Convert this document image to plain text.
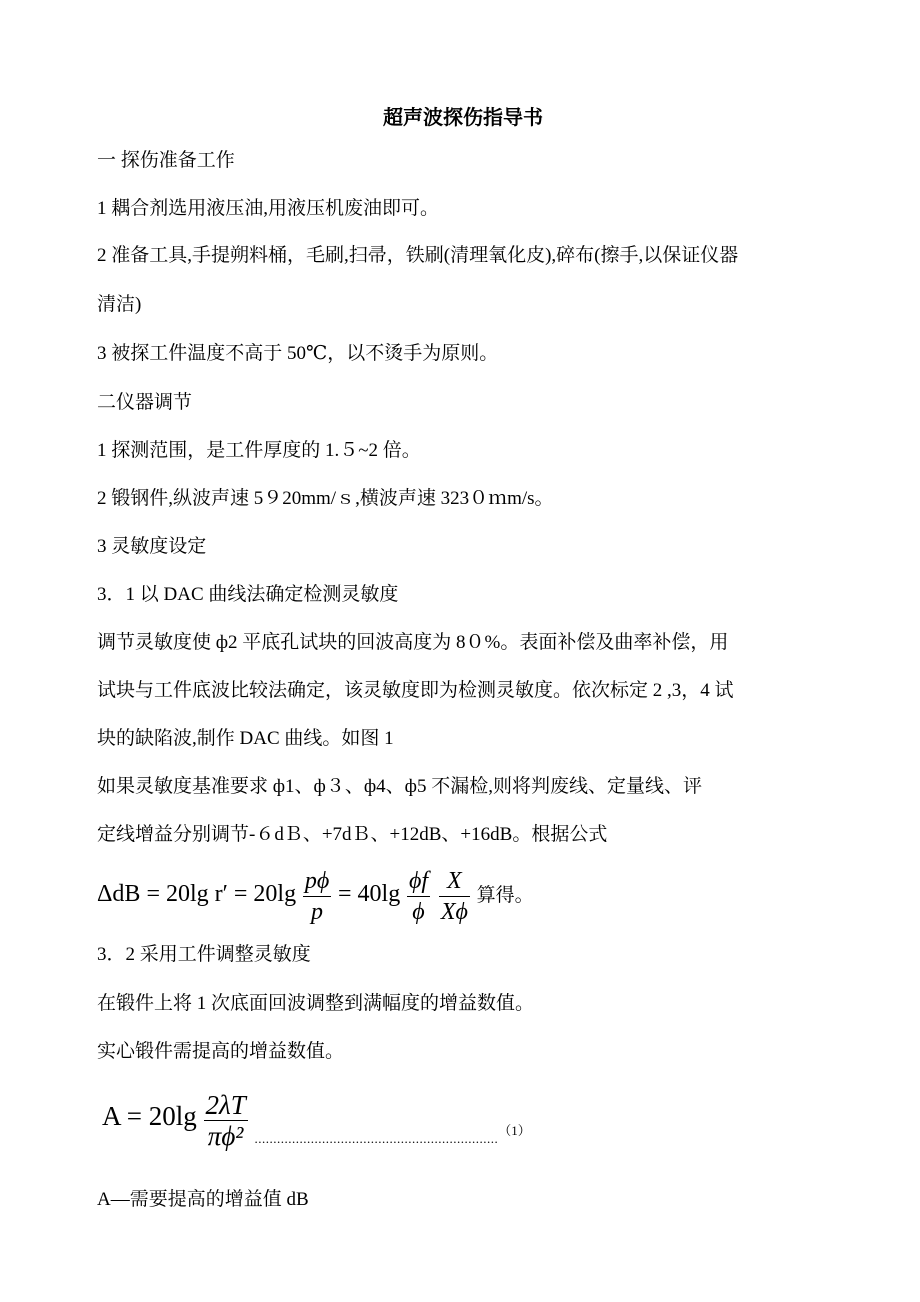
超声波探伤指导书
一 探伤准备工作
1 耦合剂选用液压油,用液压机废油即可。
2 准备工具,手提朔料桶，毛刷,扫帚，铁刷(清理氧化皮),碎布(擦手,以保证仪器
清洁)
3 被探工件温度不高于 50℃，以不烫手为原则。
二仪器调节
1 探测范围，是工件厚度的 1.５~2 倍。
2 锻钢件,纵波声速 5９20mm/ｓ,横波声速 323０ｍm/s。
3 灵敏度设定
3．1 以 DAC 曲线法确定检测灵敏度
调节灵敏度使 ф2 平底孔试块的回波高度为 8０%。表面补偿及曲率补偿，用
试块与工件底波比较法确定，该灵敏度即为检测灵敏度。依次标定 2 ,3，4 试
块的缺陷波,制作 DAC 曲线。如图 1
如果灵敏度基准要求 ф1、ф３、ф4、ф5 不漏检,则将判废线、定量线、评
定线增益分别调节-６dＢ、+7dＢ、+12dB、+16dB。根据公式
ΔdB = 20lg $r' = 20\lg \frac{p\phi}{p} = 40\lg \frac{\phi f}{\phi}$
$\frac{X}{X\phi}$ 算得。
3．2 采用工件调整灵敏度
在锻件上将 1 次底面回波调整到满幅度的增益数值。
实心锻件需提高的增益数值。
$A = 20\lg \frac{2\lambda T}{\text{πϕ²}} _{.................................................................(1)}$
A—需要提高的增益值 dB
